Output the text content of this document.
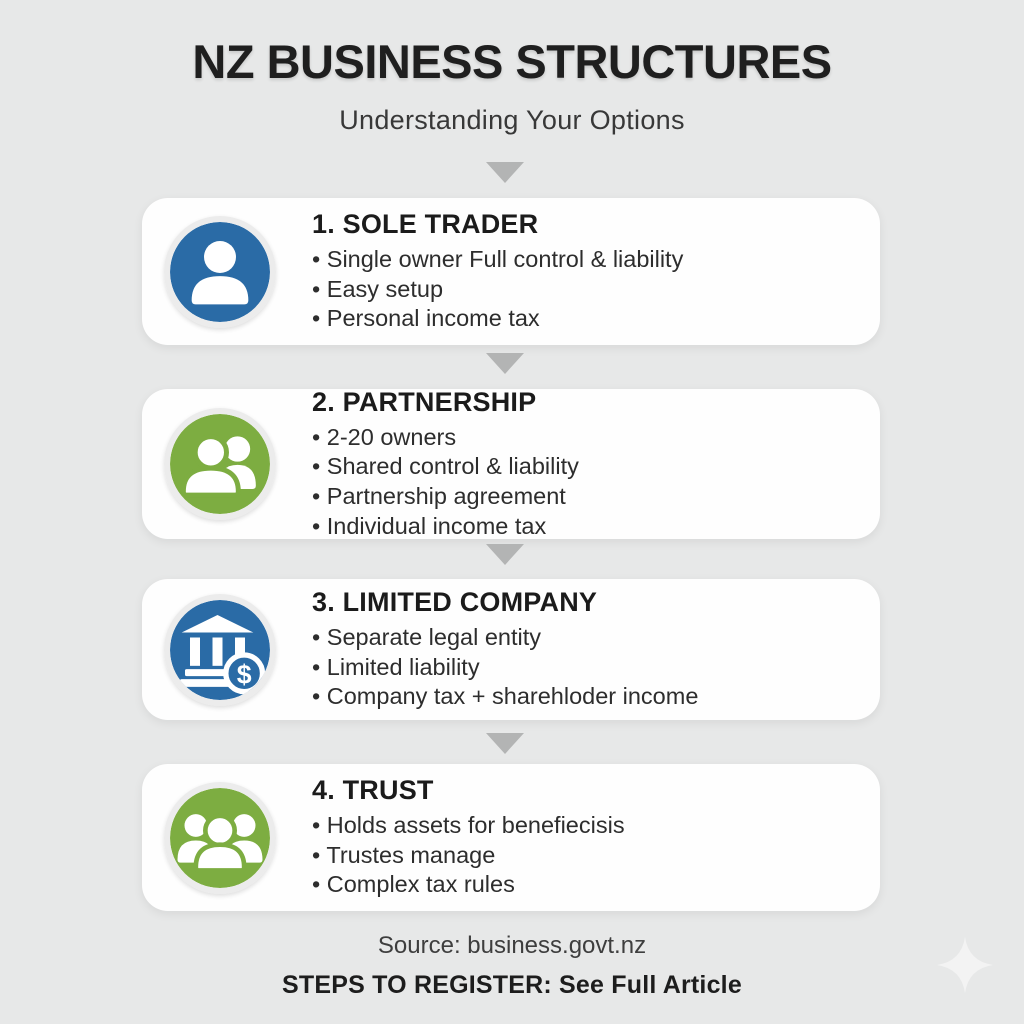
NZ BUSINESS STRUCTURES
Understanding Your Options
1. SOLE TRADER
• Single owner Full control & liability
• Easy setup
• Personal income tax
2. PARTNERSHIP
• 2-20 owners
• Shared control & liability
• Partnership agreement
• Individual income tax
$
3. LIMITED COMPANY
• Separate legal entity
• Limited liability
• Company tax + sharehloder income
4. TRUST
• Holds assets for benefiecisis
• Trustes manage
• Complex tax rules
Source: business.govt.nz
STEPS TO REGISTER: See Full Article
